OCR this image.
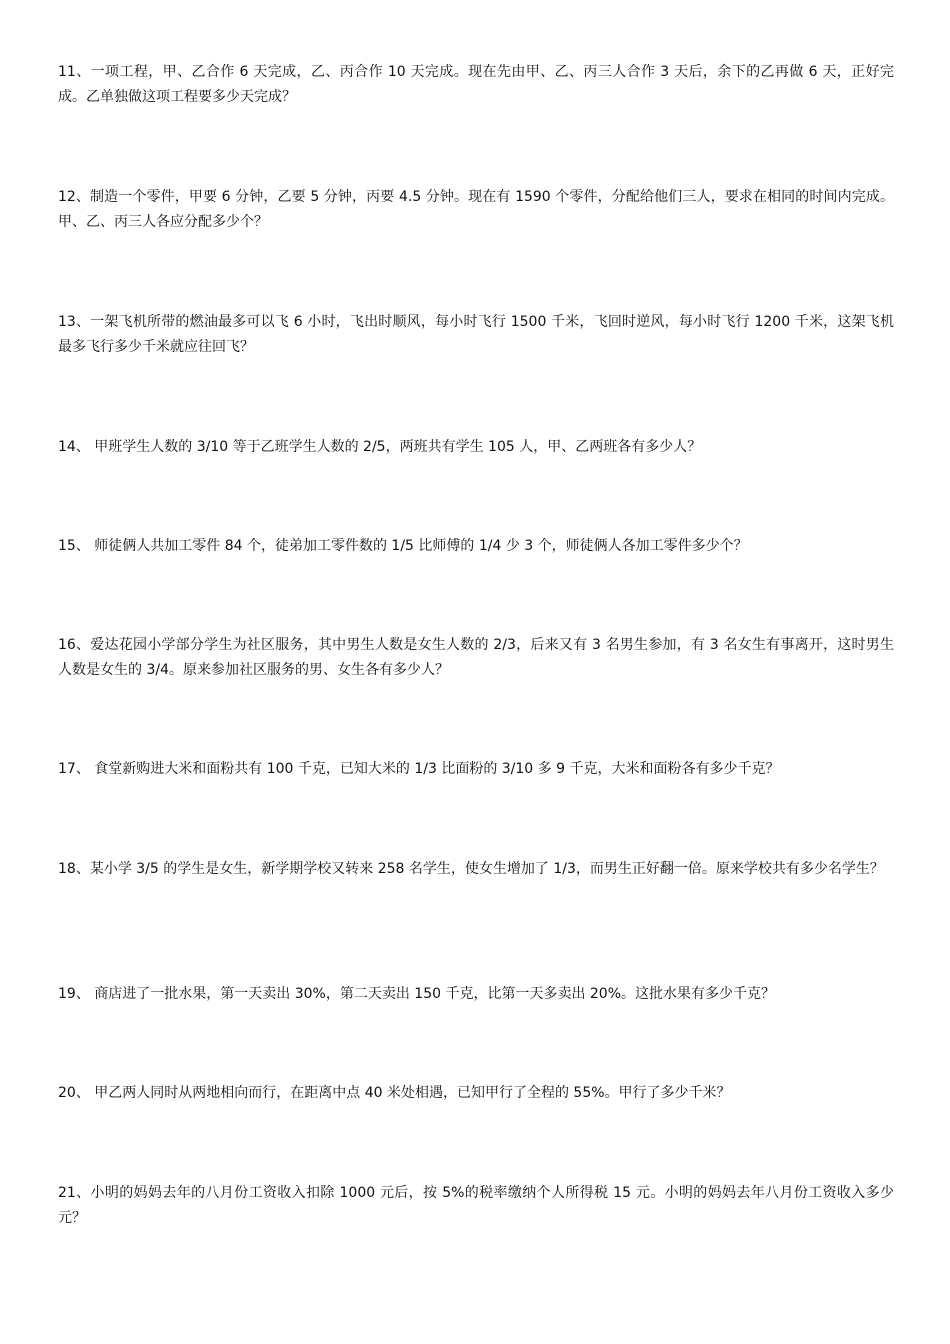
11、一项工程，甲、乙合作 6 天完成，乙、丙合作 10 天完成。现在先由甲、乙、丙三人合作 3 天后，余下的乙再做 6 天，正好完成。乙单独做这项工程要多少天完成？
12、制造一个零件，甲要 6 分钟，乙要 5 分钟，丙要 4.5 分钟。现在有 1590 个零件，分配给他们三人，要求在相同的时间内完成。甲、乙、丙三人各应分配多少个？
13、一架飞机所带的燃油最多可以飞 6 小时，飞出时顺风，每小时飞行 1500 千米，飞回时逆风，每小时飞行 1200 千米，这架飞机最多飞行多少千米就应往回飞？
14、 甲班学生人数的 3/10 等于乙班学生人数的 2/5，两班共有学生 105 人，甲、乙两班各有多少人？
15、 师徒俩人共加工零件 84 个，徒弟加工零件数的 1/5 比师傅的 1/4 少 3 个，师徒俩人各加工零件多少个？
16、爱达花园小学部分学生为社区服务，其中男生人数是女生人数的 2/3，后来又有 3 名男生参加，有 3 名女生有事离开，这时男生人数是女生的 3/4。原来参加社区服务的男、女生各有多少人？
17、 食堂新购进大米和面粉共有 100 千克，已知大米的 1/3 比面粉的 3/10 多 9 千克，大米和面粉各有多少千克？
18、某小学 3/5 的学生是女生，新学期学校又转来 258 名学生，使女生增加了 1/3，而男生正好翻一倍。原来学校共有多少名学生？
19、 商店进了一批水果，第一天卖出 30%，第二天卖出 150 千克，比第一天多卖出 20%。这批水果有多少千克？
20、 甲乙两人同时从两地相向而行，在距离中点 40 米处相遇，已知甲行了全程的 55%。甲行了多少千米？
21、小明的妈妈去年的八月份工资收入扣除 1000 元后，按 5%的税率缴纳个人所得税 15 元。小明的妈妈去年八月份工资收入多少元？
